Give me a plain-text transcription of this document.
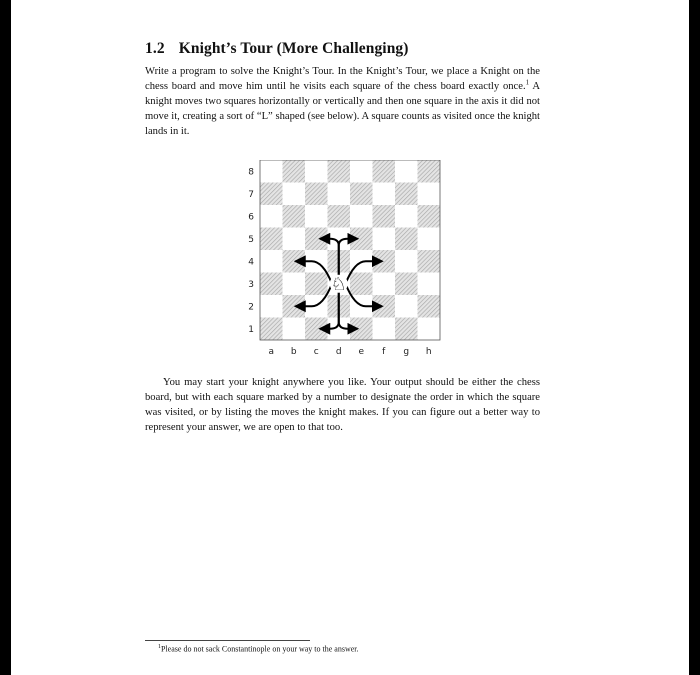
1.2 Knight’s Tour (More Challenging)

Write a program to solve the Knight’s Tour. In the Knight’s Tour, we place a Knight on the chess board and move him until he visits each square of the chess board exactly once.$^1$ A knight moves two squares horizontally or vertically and then one square in the axis it did not move it, creating a sort of “L” shaped (see below). A square counts as visited once the knight lands in it.

8
7
6
5
4
3
2
1
a b c d e f g h
♘

You may start your knight anywhere you like. Your output should be either the chess board, but with each square marked by a number to designate the order in which the square was visited, or by listing the moves the knight makes. If you can figure out a better way to represent your answer, we are open to that too.

$^1$Please do not sack Constantinople on your way to the answer.
